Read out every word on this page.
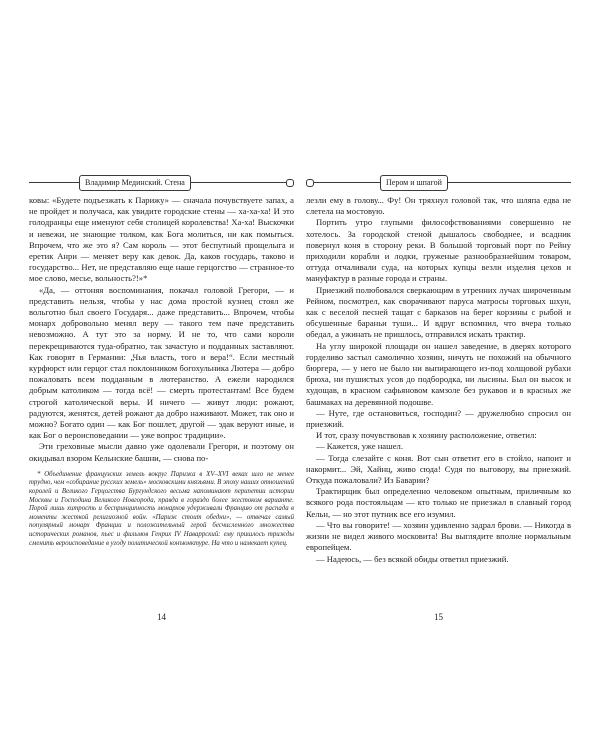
Владимир Мединский. Стена

ковы: «Будете подъезжать к Парижу» — сначала почувствуете запах, а не пройдет и получаса, как увидите городские стены — ха-ха-ха! И это голодранцы еще именуют себя столицей королевства! Ха-ха! Выскочки и невежи, не знающие толком, как Бога молиться, ни как помыться. Впрочем, что же это я? Сам король — этот беспутный прощелыга и еретик Анри — меняет веру как девок. Да, каков государь, таково и государство... Нет, не представляю еще наше герцогство — странное-то мое слово, месье, вольность?!»*

«Да, — оттоняя воспоминания, покачал головой Грегори, — и представить нельзя, чтобы у нас дома простой кузнец стоял же вольготно был своего Государя... даже представить... Впрочем, чтобы монарх добровольно менял веру — такого тем паче представить невозможно. А тут это за норму. И не то, что сами короли перекрещиваются туда-обратно, так зачастую и подданных заставляют. Как говорят в Германии: „Чья власть, того и вера!“. Если местный курфюрст или герцог стал поклонником богохульника Лютера — добро пожаловать всем подданным в лютеранство. А ежели народился добрым католиком — тогда всё! — смерть протестантам! Все будем строгой католической веры. И ничего — живут люди: рожают, радуются, женятся, детей рожают да добро наживают. Может, так оно и можно? Богато один — как Бог пошлет, другой — эдак веруют иные, и как Бог о вероисповедании — уже вопрос традиции».

Эти греховные мысли давно уже одолевали Грегори, и поэтому он окидывал взором Кельнские башни, — снова по-

* Объединение французских земель вокруг Парижа в XV–XVI веках шло не менее трудно, чем «собирание русских земель» московскими князьями. В эпоху наших отношений королей и Великого Герцогства Бургундского весьма напоминают перипетии истории Москвы и Господина Великого Новгорода, правда в гораздо более жестоком варианте. Порой лишь хитрость и беспринципность монархов удерживали Францию от распада в моменты жесткой религиозной войн. «Париж стоит обедни», — отвечал самый популярный монарх Франции и положительный герой бесчисленного множества исторических романов, пьес и фильмов Генрих IV Наваррский: ему пришлось трижды сменить вероисповедание в угоду политической конъюнктуре. На что и намекает купец.

14
Пером и шпагой

лезли ему в голову... Фу! Он тряхнул головой так, что шляпа едва не слетела на мостовую.

Портить утро глупыми философствованиями совершенно не хотелось. За городской стеной дышалось свободнее, и всадник повернул коня в сторону реки. В большой торговый порт по Рейну приходили корабли и лодки, груженые разнообразнейшим товаром, оттуда отчаливали суда, на которых купцы везли изделия цехов и мануфактур в разные города и страны.

Приезжий полюбовался сверкающим в утренних лучах широченным Рейном, посмотрел, как сворачивают паруса матросы торговых шхун, как с веселой песней тащат с барказов на берег корзины с рыбой и обсушенные бараньи туши... И вдруг вспомнил, что вчера только обедал, а ужинать не пришлось, отправился искать трактир.

На углу широкой площади он нашел заведение, в дверях которого горделиво застыл самолично хозяин, ничуть не похожий на обычного бюргера, — у него не было ни выпирающего из-под холщовой рубахи брюха, ни пушистых усов до подбородка, ни лысины. Был он высок и худощав, в красном сафьяновом камзоле без рукавов и в красных же башмаках на деревянной подошве.

— Нуте, где остановиться, господин? — дружелюбно спросил он приезжий.

И тот, сразу почувствовав к хозяину расположение, ответил:

— Кажется, уже нашел.

— Тогда слезайте с коня. Вот сын ответит его в стойло, напоит и накормит... Эй, Хайнц, живо сюда! Судя по выговору, вы приезжий. Откуда пожаловали? Из Баварии?

Трактирщик был определенно человеком опытным, приличным ко всякого рода постояльцам — кто только не приезжал в славный город Кельн, — но этот путник все его изумил.

— Что вы говорите! — хозяин удивленно задрал брови. — Никогда в жизни не видел живого московита! Вы выглядите вполне нормальным европейцем.

— Надеюсь, — без всякой обиды ответил приезжий.

15
